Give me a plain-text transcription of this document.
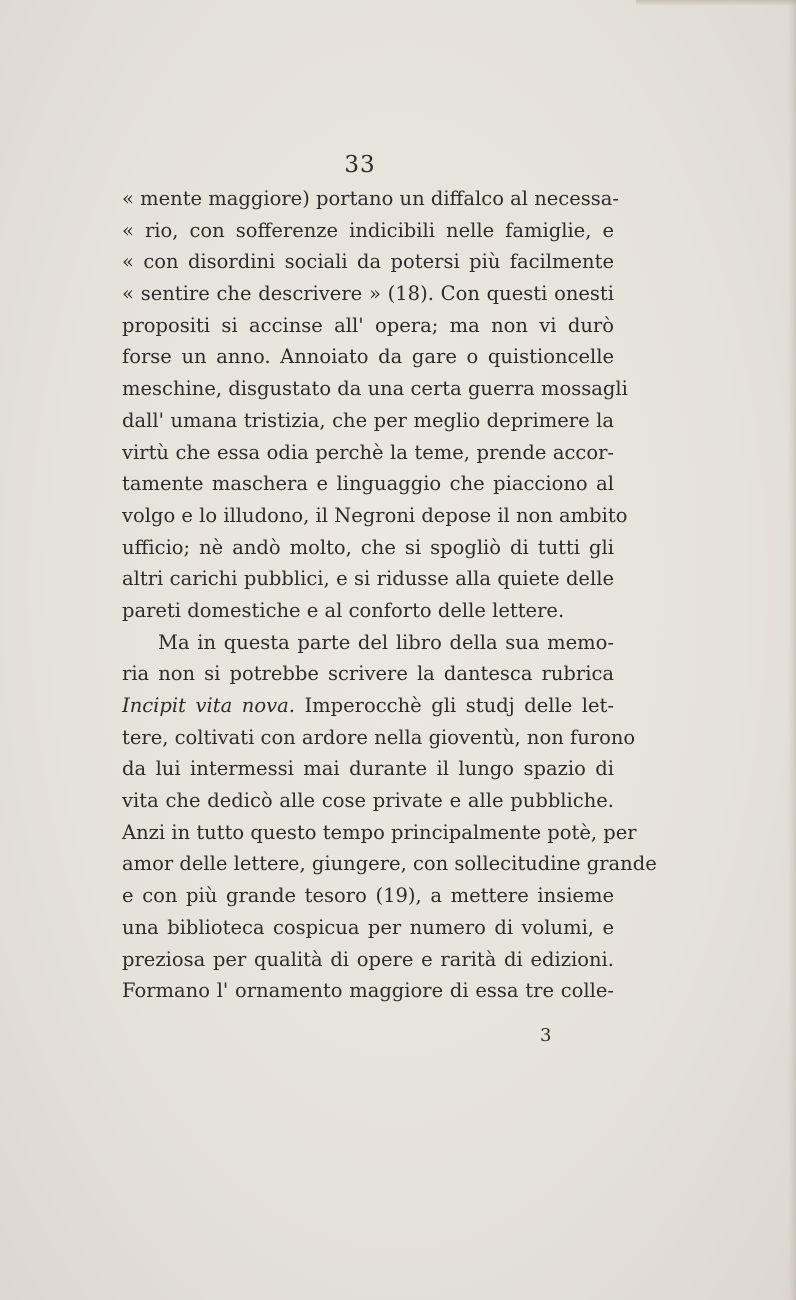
33
« mente maggiore) portano un diffalco al necessa-
« rio, con sofferenze indicibili nelle famiglie, e
« con disordini sociali da potersi più facilmente
« sentire che descrivere » (18). Con questi onesti
propositi si accinse all' opera; ma non vi durò
forse un anno. Annoiato da gare o quistioncelle
meschine, disgustato da una certa guerra mossagli
dall' umana tristizia, che per meglio deprimere la
virtù che essa odia perchè la teme, prende accor-
tamente maschera e linguaggio che piacciono al
volgo e lo illudono, il Negroni depose il non ambito
ufficio; nè andò molto, che si spogliò di tutti gli
altri carichi pubblici, e si ridusse alla quiete delle
pareti domestiche e al conforto delle lettere.
Ma in questa parte del libro della sua memo-
ria non si potrebbe scrivere la dantesca rubrica
Incipit vita nova. Imperocchè gli studj delle let-
tere, coltivati con ardore nella gioventù, non furono
da lui intermessi mai durante il lungo spazio di
vita che dedicò alle cose private e alle pubbliche.
Anzi in tutto questo tempo principalmente potè, per
amor delle lettere, giungere, con sollecitudine grande
e con più grande tesoro (19), a mettere insieme
una biblioteca cospicua per numero di volumi, e
preziosa per qualità di opere e rarità di edizioni.
Formano l' ornamento maggiore di essa tre colle-
3
